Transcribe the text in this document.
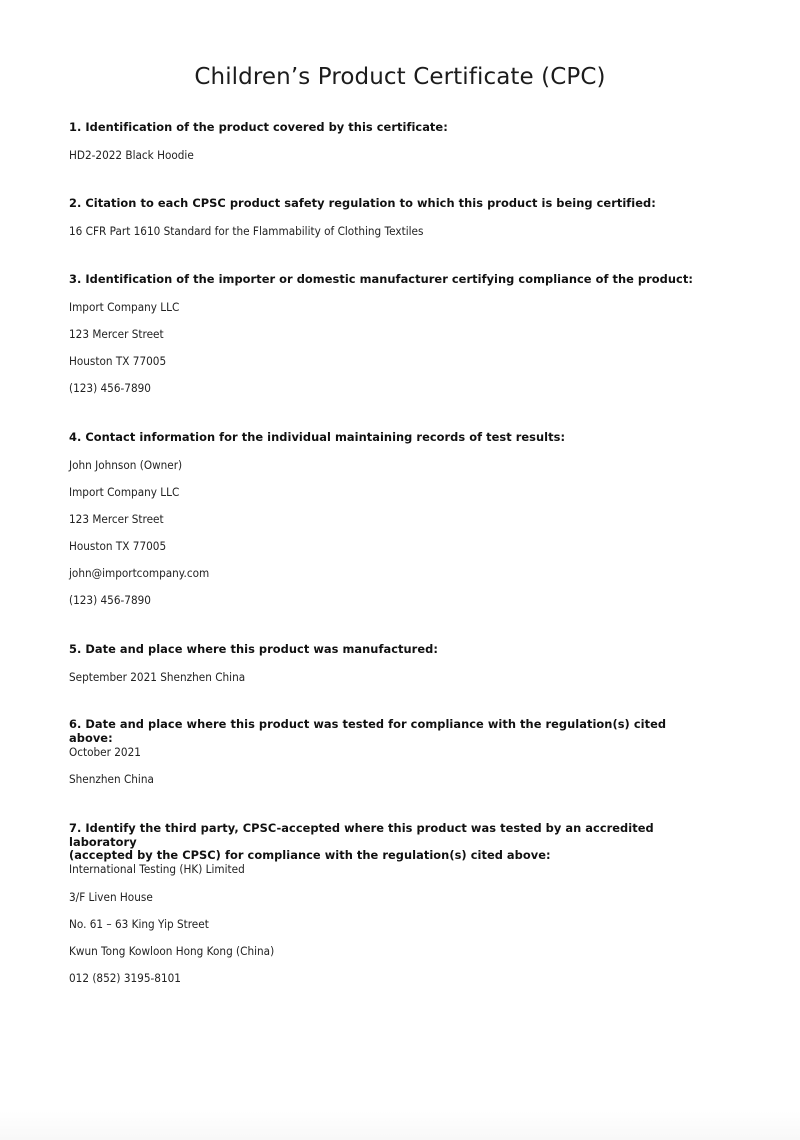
Children’s Product Certificate (CPC)

1. Identification of the product covered by this certificate:

HD2-2022 Black Hoodie

2. Citation to each CPSC product safety regulation to which this product is being certified:

16 CFR Part 1610 Standard for the Flammability of Clothing Textiles

3. Identification of the importer or domestic manufacturer certifying compliance of the product:

Import Company LLC

123 Mercer Street

Houston TX 77005

(123) 456-7890

4. Contact information for the individual maintaining records of test results:

John Johnson (Owner)

Import Company LLC

123 Mercer Street

Houston TX 77005

john@importcompany.com

(123) 456-7890

5. Date and place where this product was manufactured:

September 2021 Shenzhen China

6. Date and place where this product was tested for compliance with the regulation(s) cited above:

October 2021

Shenzhen China

7. Identify the third party, CPSC-accepted where this product was tested by an accredited laboratory

(accepted by the CPSC) for compliance with the regulation(s) cited above:

International Testing (HK) Limited

3/F Liven House

No. 61 – 63 King Yip Street

Kwun Tong Kowloon Hong Kong (China)

012 (852) 3195-8101
